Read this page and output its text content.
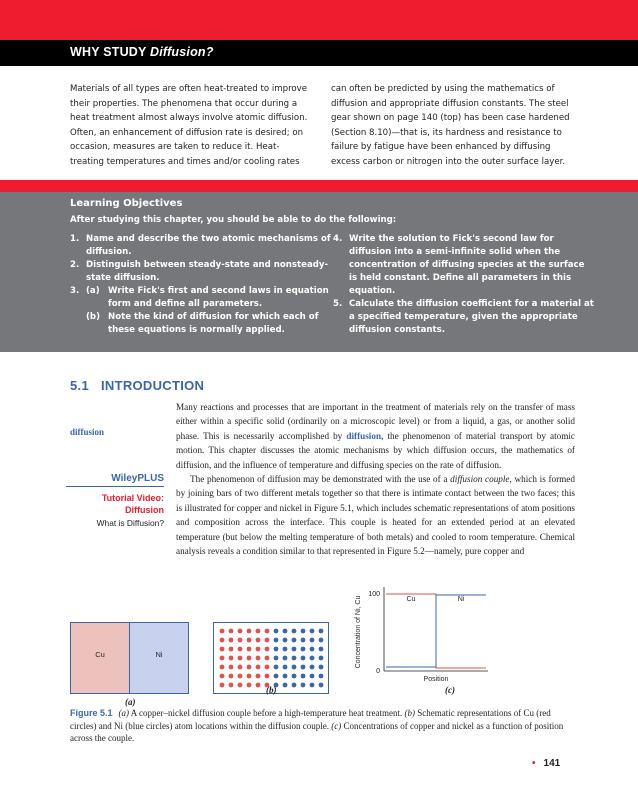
WHY STUDY Diffusion?
Materials of all types are often heat-treated to improve their properties. The phenomena that occur during a heat treatment almost always involve atomic diffusion. Often, an enhancement of diffusion rate is desired; on occasion, measures are taken to reduce it. Heat-treating temperatures and times and/or cooling rates
can often be predicted by using the mathematics of diffusion and appropriate diffusion constants. The steel gear shown on page 140 (top) has been case hardened (Section 8.10)—that is, its hardness and resistance to failure by fatigue have been enhanced by diffusing excess carbon or nitrogen into the outer surface layer.
Learning Objectives
After studying this chapter, you should be able to do the following:
1. Name and describe the two atomic mechanisms of diffusion.
2. Distinguish between steady-state and nonsteady-state diffusion.
3. (a) Write Fick's first and second laws in equation form and define all parameters.
(b) Note the kind of diffusion for which each of these equations is normally applied.
4. Write the solution to Fick's second law for diffusion into a semi-infinite solid when the concentration of diffusing species at the surface is held constant. Define all parameters in this equation.
5. Calculate the diffusion coefficient for a material at a specified temperature, given the appropriate diffusion constants.
5.1 INTRODUCTION
diffusion
WileyPLUS
Tutorial Video:
Diffusion
What is Diffusion?

Many reactions and processes that are important in the treatment of materials rely on the transfer of mass either within a specific solid (ordinarily on a microscopic level) or from a liquid, a gas, or another solid phase. This is necessarily accomplished by diffusion, the phenomenon of material transport by atomic motion. This chapter discusses the atomic mechanisms by which diffusion occurs, the mathematics of diffusion, and the influence of temperature and diffusing species on the rate of diffusion.

The phenomenon of diffusion may be demonstrated with the use of a diffusion couple, which is formed by joining bars of two different metals together so that there is intimate contact between the two faces; this is illustrated for copper and nickel in Figure 5.1, which includes schematic representations of atom positions and composition across the interface. This couple is heated for an extended period at an elevated temperature (but below the melting temperature of both metals) and cooled to room temperature. Chemical analysis reveals a condition similar to that represented in Figure 5.2—namely, pure copper and

Cu	Ni
(a)
(b)
Concentration of Ni, Cu
100
0
Cu	Ni
Position
(c)
Figure 5.1 (a) A copper–nickel diffusion couple before a high-temperature heat treatment. (b) Schematic representations of Cu (red circles) and Ni (blue circles) atom locations within the diffusion couple. (c) Concentrations of copper and nickel as a function of position across the couple.
• 141
